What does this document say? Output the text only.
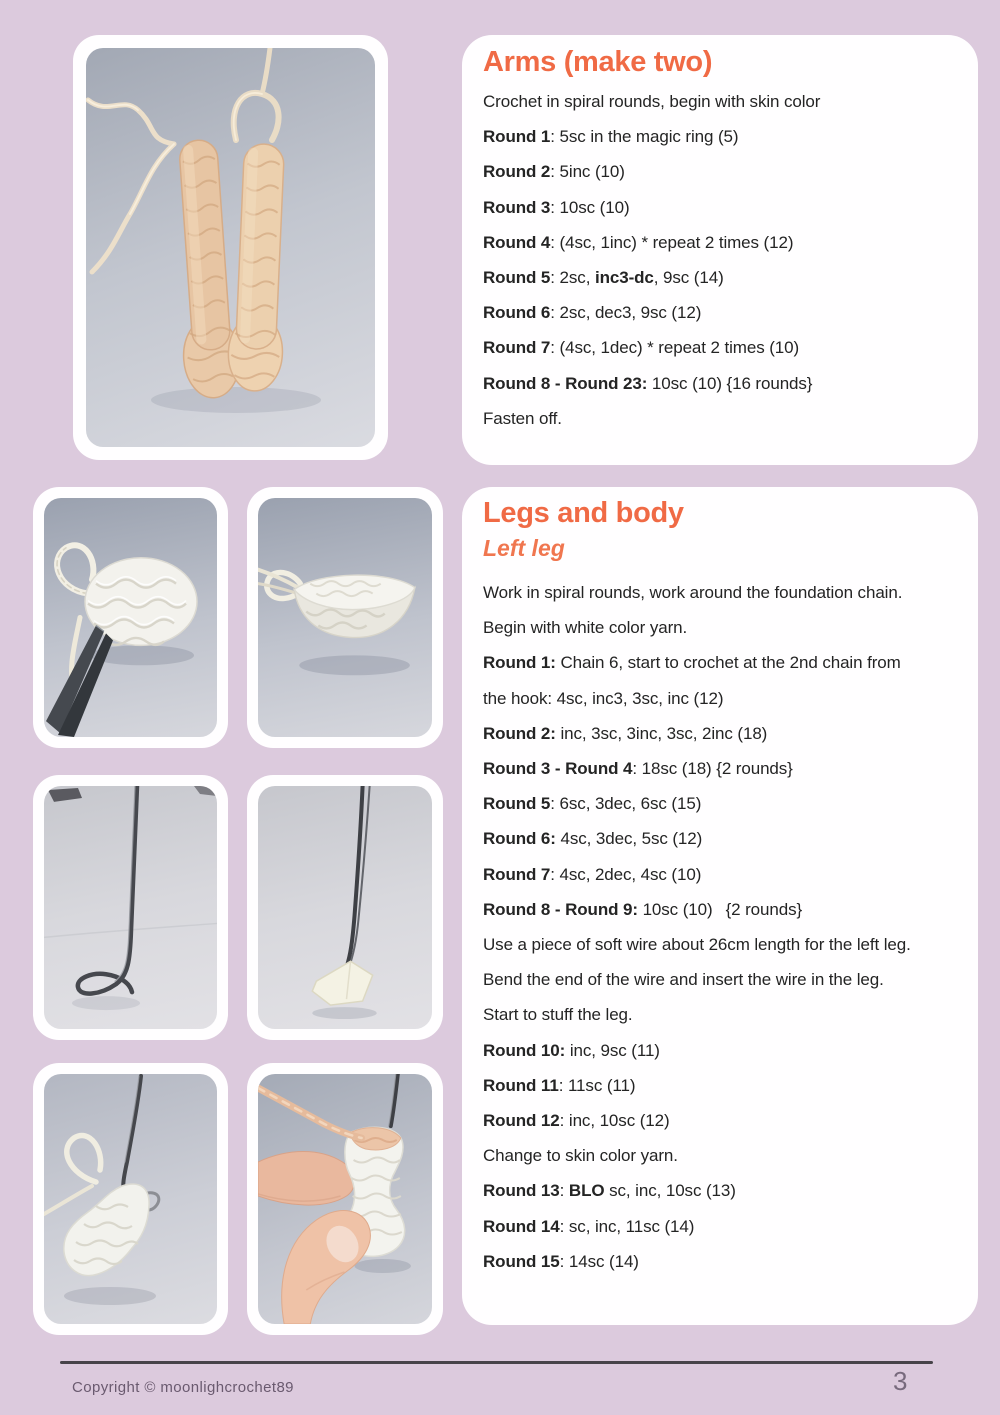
Arms (make two)

Crochet in spiral rounds, begin with skin color

Round 1: 5sc in the magic ring (5)

Round 2: 5inc (10)

Round 3: 10sc (10)

Round 4: (4sc, 1inc) * repeat 2 times (12)

Round 5: 2sc, inc3-dc, 9sc (14)

Round 6: 2sc, dec3, 9sc (12)

Round 7: (4sc, 1dec) * repeat 2 times (10)

Round 8 - Round 23: 10sc (10) {16 rounds}

Fasten off.

Legs and body
Left leg

Work in spiral rounds, work around the foundation chain.

Begin with white color yarn.

Round 1: Chain 6, start to crochet at the 2nd chain from

the hook: 4sc, inc3, 3sc, inc (12)

Round 2: inc, 3sc, 3inc, 3sc, 2inc (18)

Round 3 - Round 4: 18sc (18) {2 rounds}

Round 5: 6sc, 3dec, 6sc (15)

Round 6: 4sc, 3dec, 5sc (12)

Round 7: 4sc, 2dec, 4sc (10)

Round 8 - Round 9: 10sc (10)  {2 rounds}

Use a piece of soft wire about 26cm length for the left leg.

Bend the end of the wire and insert the wire in the leg.

Start to stuff the leg.

Round 10: inc, 9sc (11)

Round 11: 11sc (11)

Round 12: inc, 10sc (12)

Change to skin color yarn.

Round 13: BLO sc, inc, 10sc (13)

Round 14: sc, inc, 11sc (14)

Round 15: 14sc (14)

Copyright © moonlighcrochet89	3
